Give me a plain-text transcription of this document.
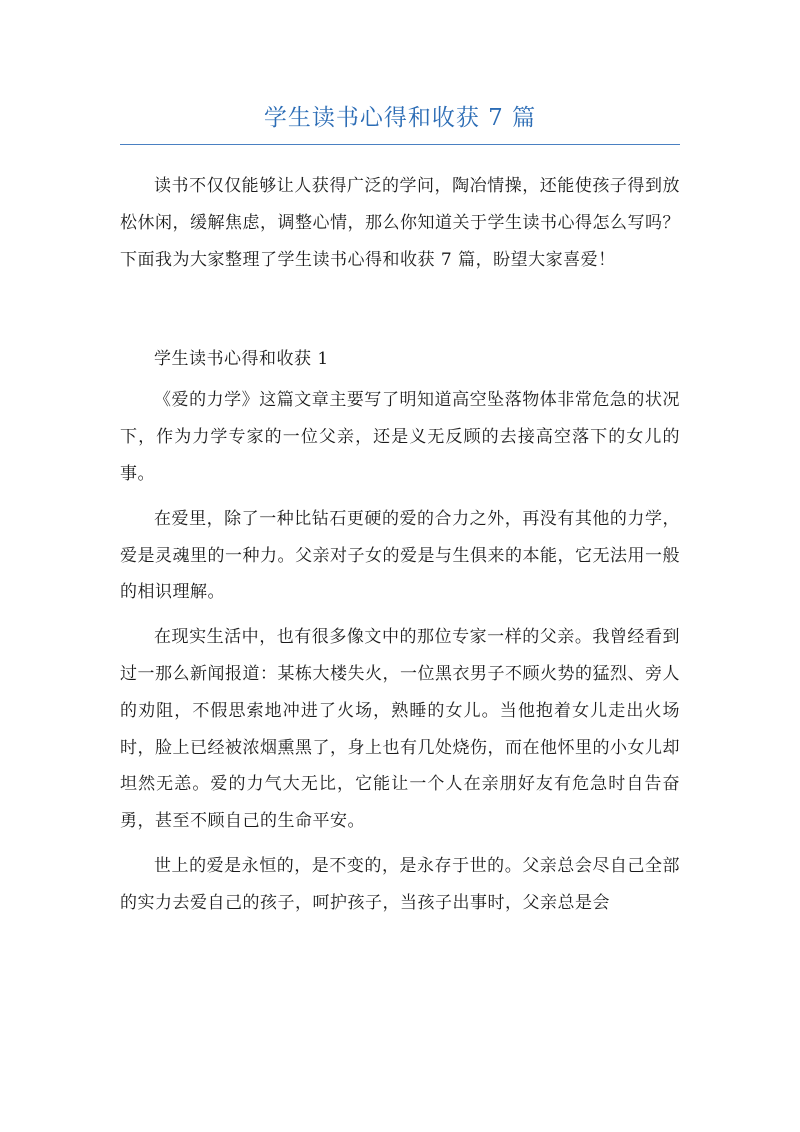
学生读书心得和收获 7 篇

读书不仅仅能够让人获得广泛的学问，陶冶情操，还能使孩子得到放松休闲，缓解焦虑，调整心情，那么你知道关于学生读书心得怎么写吗？下面我为大家整理了学生读书心得和收获 7 篇，盼望大家喜爱！

学生读书心得和收获 1

《爱的力学》这篇文章主要写了明知道高空坠落物体非常危急的状况下，作为力学专家的一位父亲，还是义无反顾的去接高空落下的女儿的事。

在爱里，除了一种比钻石更硬的爱的合力之外，再没有其他的力学，爱是灵魂里的一种力。父亲对子女的爱是与生俱来的本能，它无法用一般的相识理解。

在现实生活中，也有很多像文中的那位专家一样的父亲。我曾经看到过一那么新闻报道：某栋大楼失火，一位黑衣男子不顾火势的猛烈、旁人的劝阻，不假思索地冲进了火场，熟睡的女儿。当他抱着女儿走出火场时，脸上已经被浓烟熏黑了，身上也有几处烧伤，而在他怀里的小女儿却坦然无恙。爱的力气大无比，它能让一个人在亲朋好友有危急时自告奋勇，甚至不顾自己的生命平安。

世上的爱是永恒的，是不变的，是永存于世的。父亲总会尽自己全部的实力去爱自己的孩子，呵护孩子，当孩子出事时，父亲总是会
